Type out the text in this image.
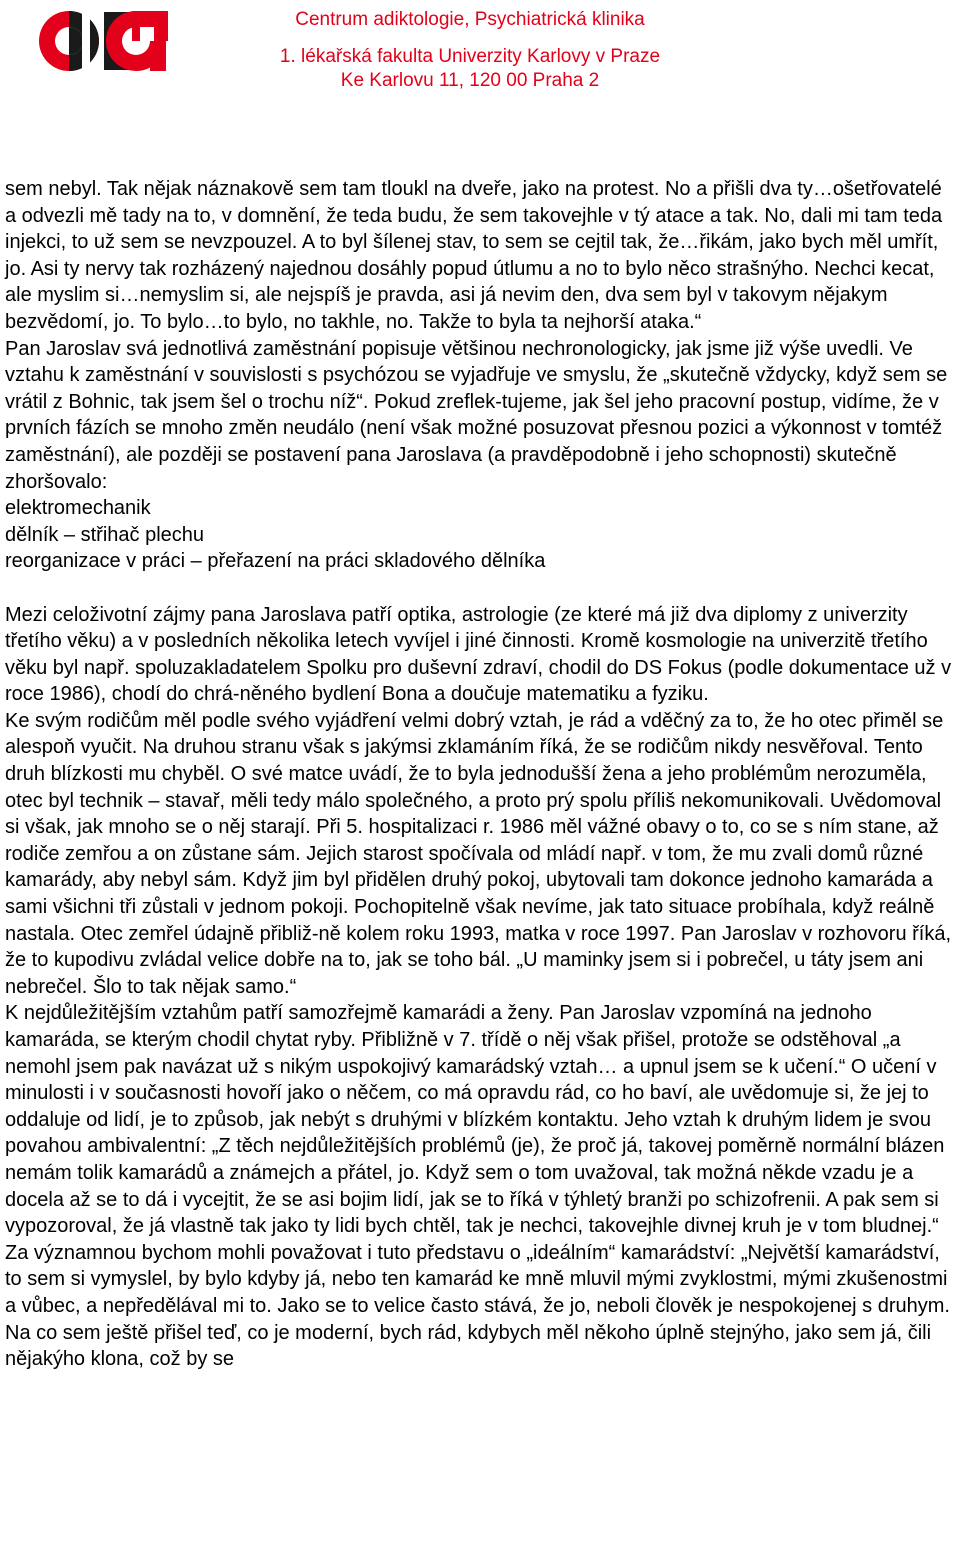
Centrum adiktologie, Psychiatrická klinika
1. lékařská fakulta Univerzity Karlovy v Praze
Ke Karlovu 11, 120 00 Praha 2

sem nebyl. Tak nějak náznakově sem tam tloukl na dveře, jako na protest. No a přišli dva ty…ošetřovatelé a odvezli mě tady na to, v domnění, že teda budu, že sem takovejhle v tý atace a tak. No, dali mi tam teda injekci, to už sem se nevzpouzel. A to byl šílenej stav, to sem se cejtil tak, že…řikám, jako bych měl umřít, jo. Asi ty nervy tak rozházený najednou dosáhly popud útlumu a no to bylo něco strašnýho. Nechci kecat, ale myslim si…nemyslim si, ale nejspíš je pravda, asi já nevim den, dva sem byl v takovym nějakym bezvědomí, jo. To bylo…to bylo, no takhle, no. Takže to byla ta nejhorší ataka.“

Pan Jaroslav svá jednotlivá zaměstnání popisuje většinou nechronologicky, jak jsme již výše uvedli. Ve vztahu k zaměstnání v souvislosti s psychózou se vyjadřuje ve smyslu, že „skutečně vždycky, když sem se vrátil z Bohnic, tak jsem šel o trochu níž“. Pokud zreflek-tujeme, jak šel jeho pracovní postup, vidíme, že v prvních fázích se mnoho změn neudálo (není však možné posuzovat přesnou pozici a výkonnost v tomtéž zaměstnání), ale později se postavení pana Jaroslava (a pravděpodobně i jeho schopnosti) skutečně zhoršovalo:

elektromechanik

dělník – střihač plechu

reorganizace v práci – přeřazení na práci skladového dělníka

Mezi celoživotní zájmy pana Jaroslava patří optika, astrologie (ze které má již dva diplomy z univerzity třetího věku) a v posledních několika letech vyvíjel i jiné činnosti. Kromě kosmologie na univerzitě třetího věku byl např. spoluzakladatelem Spolku pro duševní zdraví, chodil do DS Fokus (podle dokumentace už v roce 1986), chodí do chrá-něného bydlení Bona a doučuje matematiku a fyziku.

Ke svým rodičům měl podle svého vyjádření velmi dobrý vztah, je rád a vděčný za to, že ho otec přiměl se alespoň vyučit. Na druhou stranu však s jakýmsi zklamáním říká, že se rodičům nikdy nesvěřoval. Tento druh blízkosti mu chyběl. O své matce uvádí, že to byla jednodušší žena a jeho problémům nerozuměla, otec byl technik – stavař, měli tedy málo společného, a proto prý spolu příliš nekomunikovali. Uvědomoval si však, jak mnoho se o něj starají. Při 5. hospitalizaci r. 1986 měl vážné obavy o to, co se s ním stane, až rodiče zemřou a on zůstane sám. Jejich starost spočívala od mládí např. v tom, že mu zvali domů různé kamarády, aby nebyl sám. Když jim byl přidělen druhý pokoj, ubytovali tam dokonce jednoho kamaráda a sami všichni tři zůstali v jednom pokoji. Pochopitelně však nevíme, jak tato situace probíhala, když reálně nastala. Otec zemřel údajně přibliž-ně kolem roku 1993, matka v roce 1997. Pan Jaroslav v rozhovoru říká, že to kupodivu zvládal velice dobře na to, jak se toho bál. „U maminky jsem si i pobrečel, u táty jsem ani nebrečel. Šlo to tak nějak samo.“

K nejdůležitějším vztahům patří samozřejmě kamarádi a ženy. Pan Jaroslav vzpomíná na jednoho kamaráda, se kterým chodil chytat ryby. Přibližně v 7. třídě o něj však přišel, protože se odstěhoval „a nemohl jsem pak navázat už s nikým uspokojivý kamarádský vztah… a upnul jsem se k učení.“ O učení v minulosti i v současnosti hovoří jako o něčem, co má opravdu rád, co ho baví, ale uvědomuje si, že jej to oddaluje od lidí, je to způsob, jak nebýt s druhými v blízkém kontaktu. Jeho vztah k druhým lidem je svou povahou ambivalentní: „Z těch nejdůležitějších problémů (je), že proč já, takovej poměrně normální blázen nemám tolik kamarádů a známejch a přátel, jo. Když sem o tom uvažoval, tak možná někde vzadu je a docela až se to dá i vycejtit, že se asi bojim lidí, jak se to říká v týhletý branži po schizofrenii. A pak sem si vypozoroval, že já vlastně tak jako ty lidi bych chtěl, tak je nechci, takovejhle divnej kruh je v tom bludnej.“

Za významnou bychom mohli považovat i tuto představu o „ideálním“ kamarádství: „Největší kamarádství, to sem si vymyslel, by bylo kdyby já, nebo ten kamarád ke mně mluvil mými zvyklostmi, mými zkušenostmi a vůbec, a nepředělával mi to. Jako se to velice často stává, že jo, neboli člověk je nespokojenej s druhym. Na co sem ještě přišel teď, co je moderní, bych rád, kdybych měl někoho úplně stejnýho, jako sem já, čili nějakýho klona, což by se
